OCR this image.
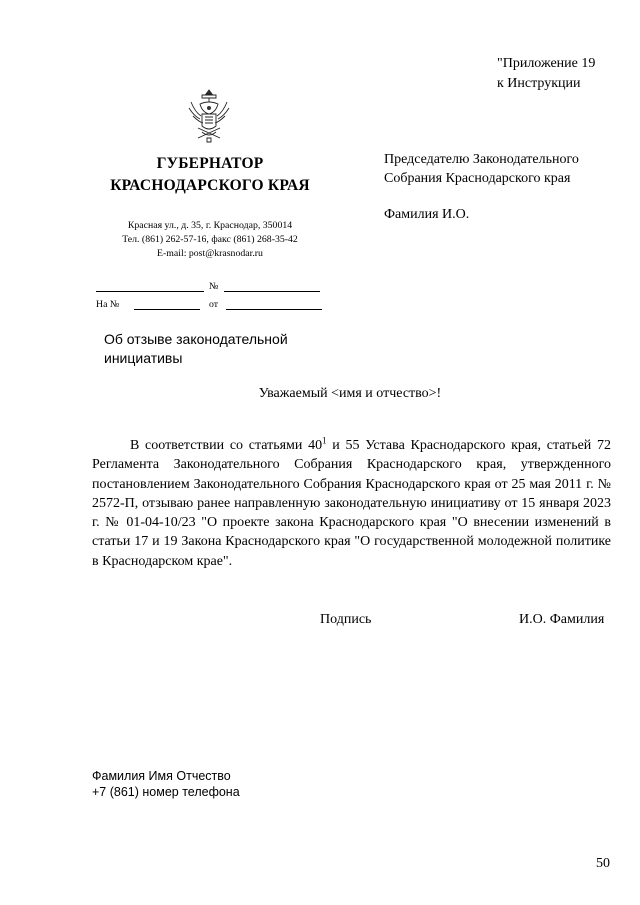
"Приложение 19
к Инструкции
ГУБЕРНАТОР
КРАСНОДАРСКОГО КРАЯ
Красная ул., д. 35, г. Краснодар, 350014
Тел. (861) 262-57-16, факс (861) 268-35-42
E-mail: post@krasnodar.ru
№
На №	от
Председателю Законодательного
Собрания Краснодарского края
Фамилия И.О.
Об отзыве законодательной
инициативы
Уважаемый <имя и отчество>!
В соответствии со статьями $40^1$ и 55 Устава Краснодарского края, статьей 72 Регламента Законодательного Собрания Краснодарского края, утвержденного постановлением Законодательного Собрания Краснодарского края от 25 мая 2011 г. № 2572-П, отзываю ранее направленную законодательную инициативу от 15 января 2023 г. № 01-04-10/23 "О проекте закона Краснодарского края "О внесении изменений в статьи 17 и 19 Закона Краснодарского края "О государственной молодежной политике в Краснодарском крае".
Подпись	И.О. Фамилия
Фамилия Имя Отчество
+7 (861) номер телефона
50
